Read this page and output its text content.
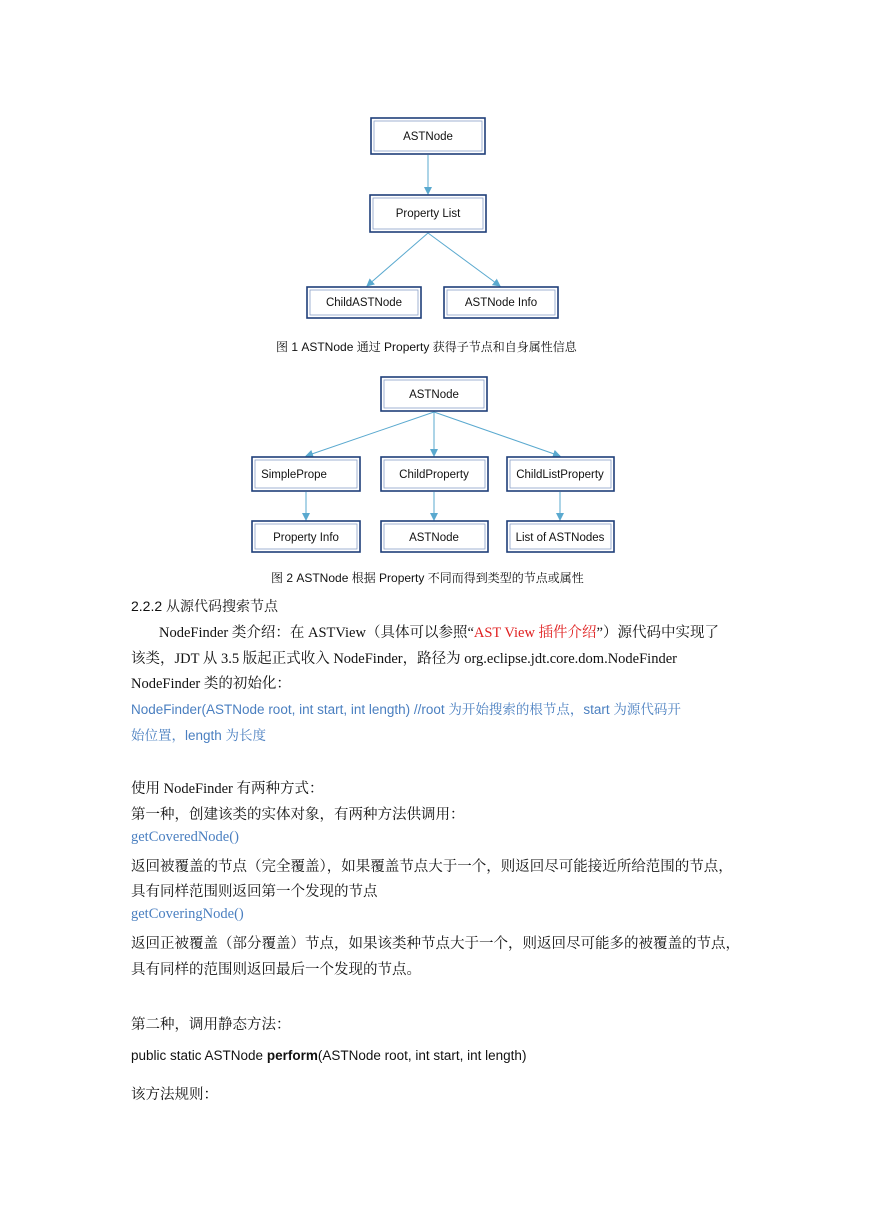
ASTNode
Property List
ChildASTNode	ASTNode Info
ASTNode
SimplePrope	ChildProperty	ChildListProperty
Property Info	ASTNode	List of ASTNodes
图 1 ASTNode 通过 Property 获得子节点和自身属性信息
图 2 ASTNode 根据 Property 不同而得到类型的节点或属性
2.2.2 从源代码搜索节点
NodeFinder 类介绍：在 ASTView（具体可以参照“AST View 插件介绍”）源代码中实现了
该类，JDT 从 3.5 版起正式收入 NodeFinder，路径为 org.eclipse.jdt.core.dom.NodeFinder
NodeFinder 类的初始化：
NodeFinder(ASTNode root, int start, int length) //root 为开始搜索的根节点，start 为源代码开
始位置，length 为长度
使用 NodeFinder 有两种方式：
第一种，创建该类的实体对象，有两种方法供调用：
getCoveredNode()
返回被覆盖的节点（完全覆盖），如果覆盖节点大于一个，则返回尽可能接近所给范围的节点，
具有同样范围则返回第一个发现的节点
getCoveringNode()
返回正被覆盖（部分覆盖）节点，如果该类种节点大于一个，则返回尽可能多的被覆盖的节点，
具有同样的范围则返回最后一个发现的节点。
第二种，调用静态方法：
public static ASTNode perform(ASTNode root, int start, int length)
该方法规则：
